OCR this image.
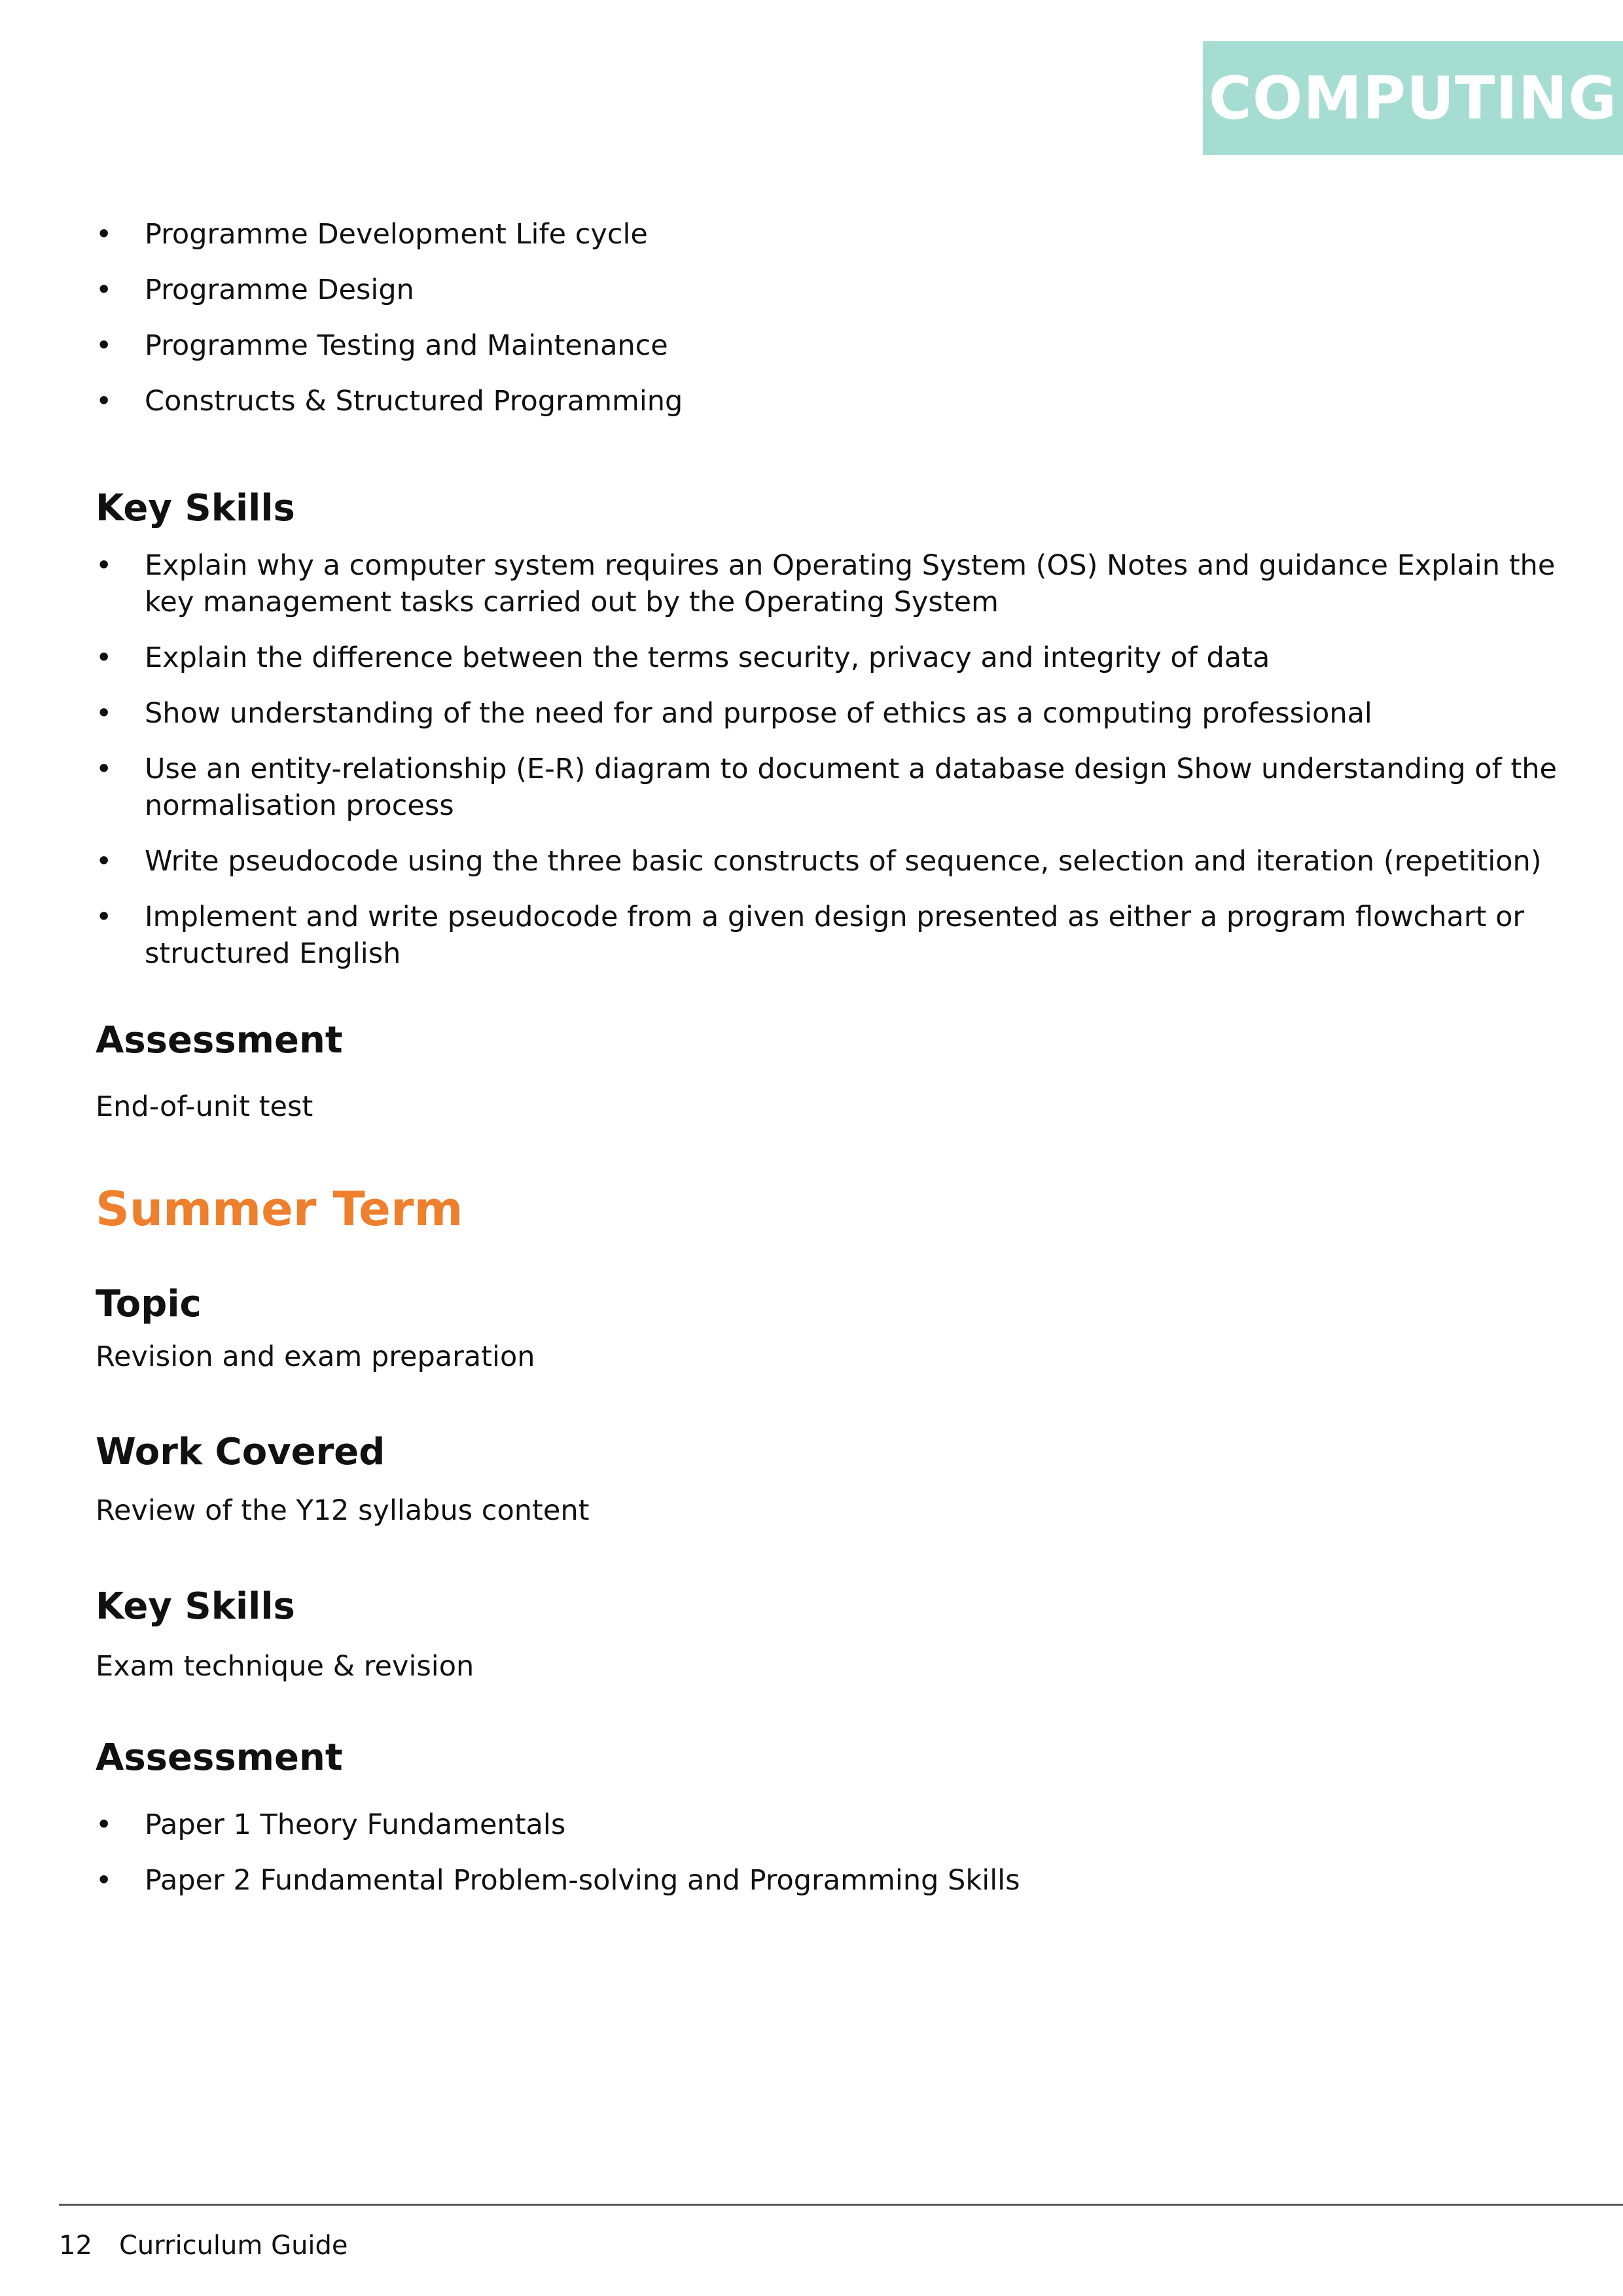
COMPUTING
• Programme Development Life cycle
• Programme Design
• Programme Testing and Maintenance
• Constructs & Structured Programming
Key Skills
• Explain why a computer system requires an Operating System (OS) Notes and guidance Explain the key management tasks carried out by the Operating System
• Explain the difference between the terms security, privacy and integrity of data
• Show understanding of the need for and purpose of ethics as a computing professional
• Use an entity-relationship (E-R) diagram to document a database design Show understanding of the normalisation process
• Write pseudocode using the three basic constructs of sequence, selection and iteration (repetition)
• Implement and write pseudocode from a given design presented as either a program flowchart or structured English
Assessment
End-of-unit test
Summer Term
Topic
Revision and exam preparation
Work Covered
Review of the Y12 syllabus content
Key Skills
Exam technique & revision
Assessment
• Paper 1 Theory Fundamentals
• Paper 2 Fundamental Problem-solving and Programming Skills
12 Curriculum Guide
